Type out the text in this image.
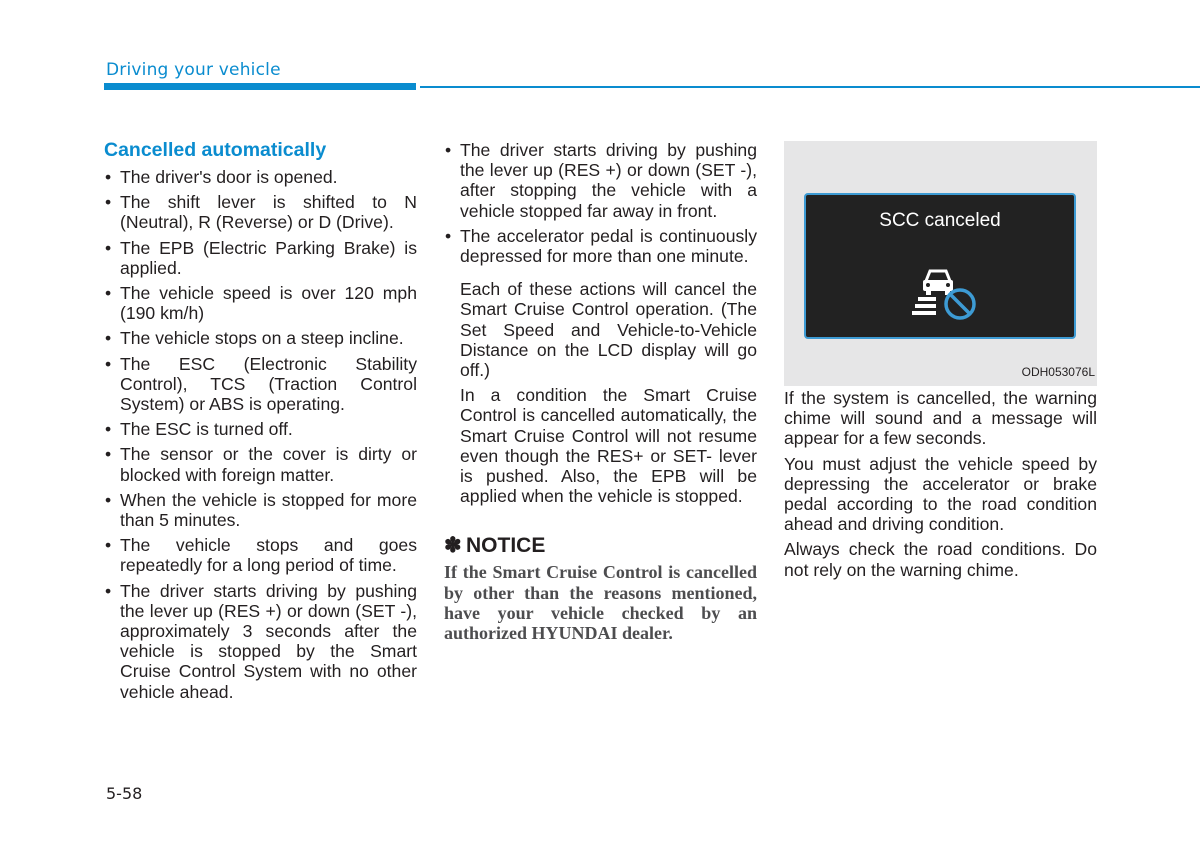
Driving your vehicle
Cancelled automatically
• The driver's door is opened.
• The shift lever is shifted to N (Neutral), R (Reverse) or D (Drive).
• The EPB (Electric Parking Brake) is applied.
• The vehicle speed is over 120 mph (190 km/h)
• The vehicle stops on a steep incline.
• The ESC (Electronic Stability Control), TCS (Traction Control System) or ABS is operating.
• The ESC is turned off.
• The sensor or the cover is dirty or blocked with foreign matter.
• When the vehicle is stopped for more than 5 minutes.
• The vehicle stops and goes repeatedly for a long period of time.
• The driver starts driving by pushing the lever up (RES +) or down (SET -), approximately 3 seconds after the vehicle is stopped by the Smart Cruise Control System with no other vehicle ahead.
• The driver starts driving by pushing the lever up (RES +) or down (SET -), after stopping the vehicle with a vehicle stopped far away in front.
• The accelerator pedal is continuously depressed for more than one minute.

Each of these actions will cancel the Smart Cruise Control operation. (The Set Speed and Vehicle-to-Vehicle Distance on the LCD display will go off.)

In a condition the Smart Cruise Control is cancelled automatically, the Smart Cruise Control will not resume even though the RES+ or SET- lever is pushed. Also, the EPB will be applied when the vehicle is stopped.

✽ NOTICE

If the Smart Cruise Control is cancelled by other than the reasons mentioned, have your vehicle checked by an authorized HYUNDAI dealer.

SCC canceled
ODH053076L

If the system is cancelled, the warning chime will sound and a message will appear for a few seconds.

You must adjust the vehicle speed by depressing the accelerator or brake pedal according to the road condition ahead and driving condition.

Always check the road conditions. Do not rely on the warning chime.

5-58
